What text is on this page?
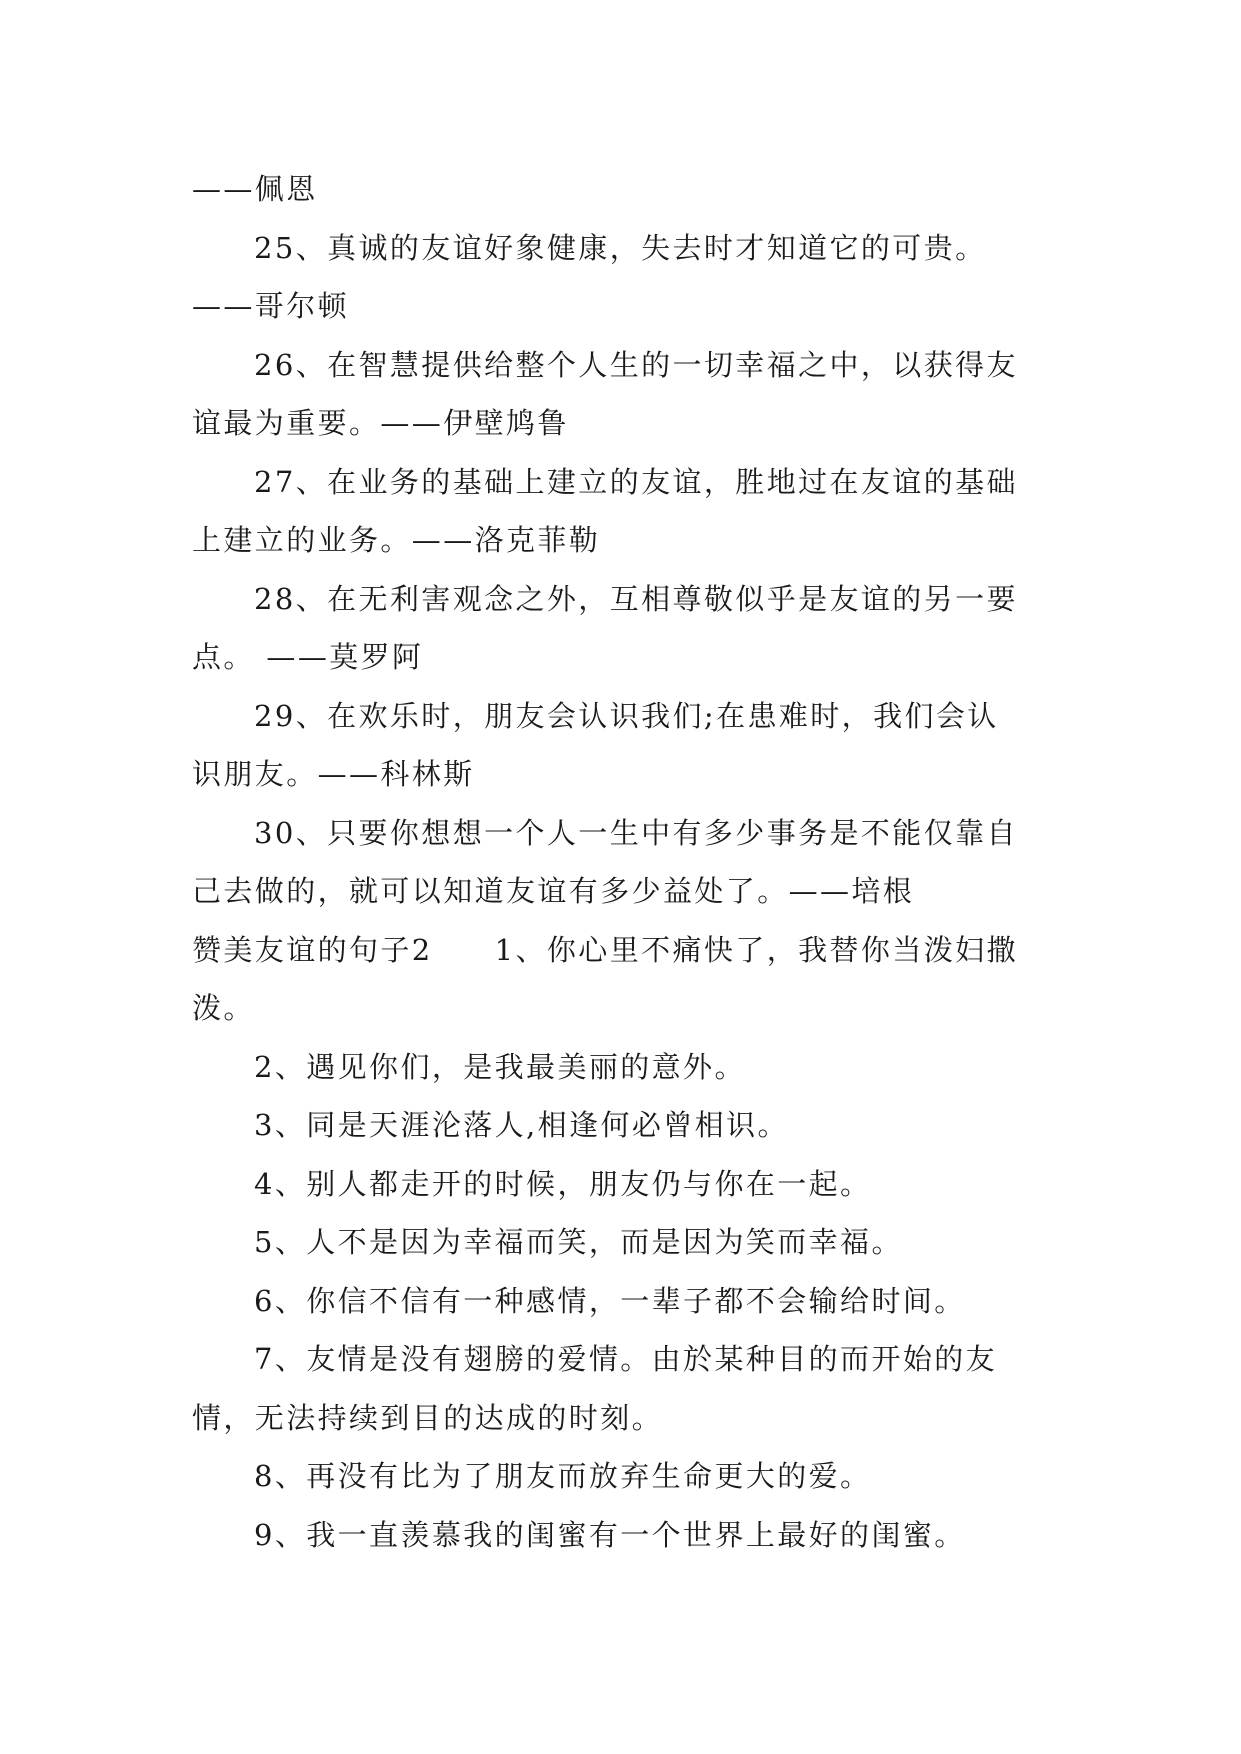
——佩恩
25、真诚的友谊好象健康，失去时才知道它的可贵。
——哥尔顿
26、在智慧提供给整个人生的一切幸福之中，以获得友
谊最为重要。——伊壁鸠鲁
27、在业务的基础上建立的友谊，胜地过在友谊的基础
上建立的业务。——洛克菲勒
28、在无利害观念之外，互相尊敬似乎是友谊的另一要
点。 ——莫罗阿
29、在欢乐时，朋友会认识我们;在患难时，我们会认
识朋友。——科林斯
30、只要你想想一个人一生中有多少事务是不能仅靠自
己去做的，就可以知道友谊有多少益处了。——培根
赞美友谊的句子2 1、你心里不痛快了，我替你当泼妇撒
泼。
2、遇见你们，是我最美丽的意外。
3、同是天涯沦落人,相逢何必曾相识。
4、别人都走开的时候，朋友仍与你在一起。
5、人不是因为幸福而笑，而是因为笑而幸福。
6、你信不信有一种感情，一辈子都不会输给时间。
7、友情是没有翅膀的爱情。由於某种目的而开始的友
情，无法持续到目的达成的时刻。
8、再没有比为了朋友而放弃生命更大的爱。
9、我一直羡慕我的闺蜜有一个世界上最好的闺蜜。
